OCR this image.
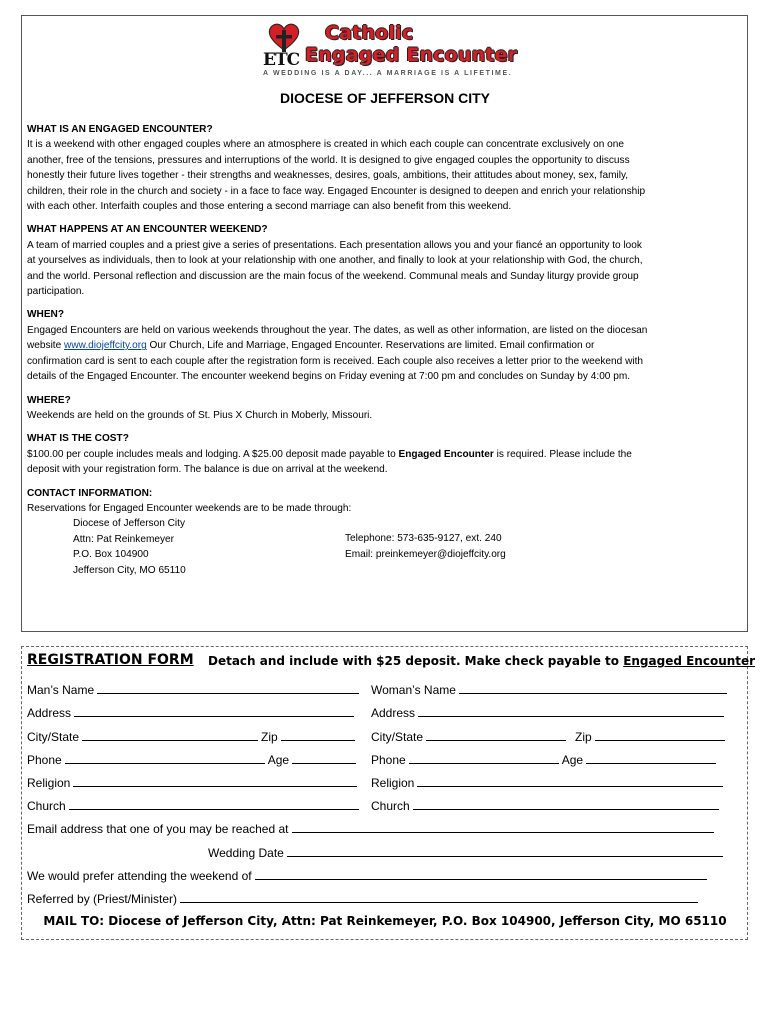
ETC
Catholic
Engaged Encounter
A WEDDING IS A DAY... A MARRIAGE IS A LIFETIME.
DIOCESE OF JEFFERSON CITY
WHAT IS AN ENGAGED ENCOUNTER?

It is a weekend with other engaged couples where an atmosphere is created in which each couple can concentrate exclusively on one

another, free of the tensions, pressures and interruptions of the world. It is designed to give engaged couples the opportunity to discuss

honestly their future lives together - their strengths and weaknesses, desires, goals, ambitions, their attitudes about money, sex, family,

children, their role in the church and society - in a face to face way. Engaged Encounter is designed to deepen and enrich your relationship

with each other. Interfaith couples and those entering a second marriage can also benefit from this weekend.

WHAT HAPPENS AT AN ENCOUNTER WEEKEND?

A team of married couples and a priest give a series of presentations. Each presentation allows you and your fiancé an opportunity to look

at yourselves as individuals, then to look at your relationship with one another, and finally to look at your relationship with God, the church,

and the world. Personal reflection and discussion are the main focus of the weekend. Communal meals and Sunday liturgy provide group

participation.

WHEN?

Engaged Encounters are held on various weekends throughout the year. The dates, as well as other information, are listed on the diocesan

website www.diojeffcity.org Our Church, Life and Marriage, Engaged Encounter. Reservations are limited. Email confirmation or

confirmation card is sent to each couple after the registration form is received. Each couple also receives a letter prior to the weekend with

details of the Engaged Encounter. The encounter weekend begins on Friday evening at 7:00 pm and concludes on Sunday by 4:00 pm.

WHERE?

Weekends are held on the grounds of St. Pius X Church in Moberly, Missouri.

WHAT IS THE COST?

$100.00 per couple includes meals and lodging. A $25.00 deposit made payable to Engaged Encounter is required. Please include the

deposit with your registration form. The balance is due on arrival at the weekend.

CONTACT INFORMATION:

Reservations for Engaged Encounter weekends are to be made through:

Diocese of Jefferson City
Attn: Pat Reinkemeyer
P.O. Box 104900
Jefferson City, MO 65110
Telephone: 573-635-9127, ext. 240
Email: preinkemeyer@diojeffcity.org
REGISTRATION FORM Detach and include with $25 deposit. Make check payable to Engaged Encounter
Man’s Name	Woman’s Name
Address	Address
City/State	Zip	City/State	Zip
Phone	Age	Phone	Age
Religion	Religion
Church	Church
Email address that one of you may be reached at
Wedding Date
We would prefer attending the weekend of
Referred by (Priest/Minister)
MAIL TO: Diocese of Jefferson City, Attn: Pat Reinkemeyer, P.O. Box 104900, Jefferson City, MO 65110
